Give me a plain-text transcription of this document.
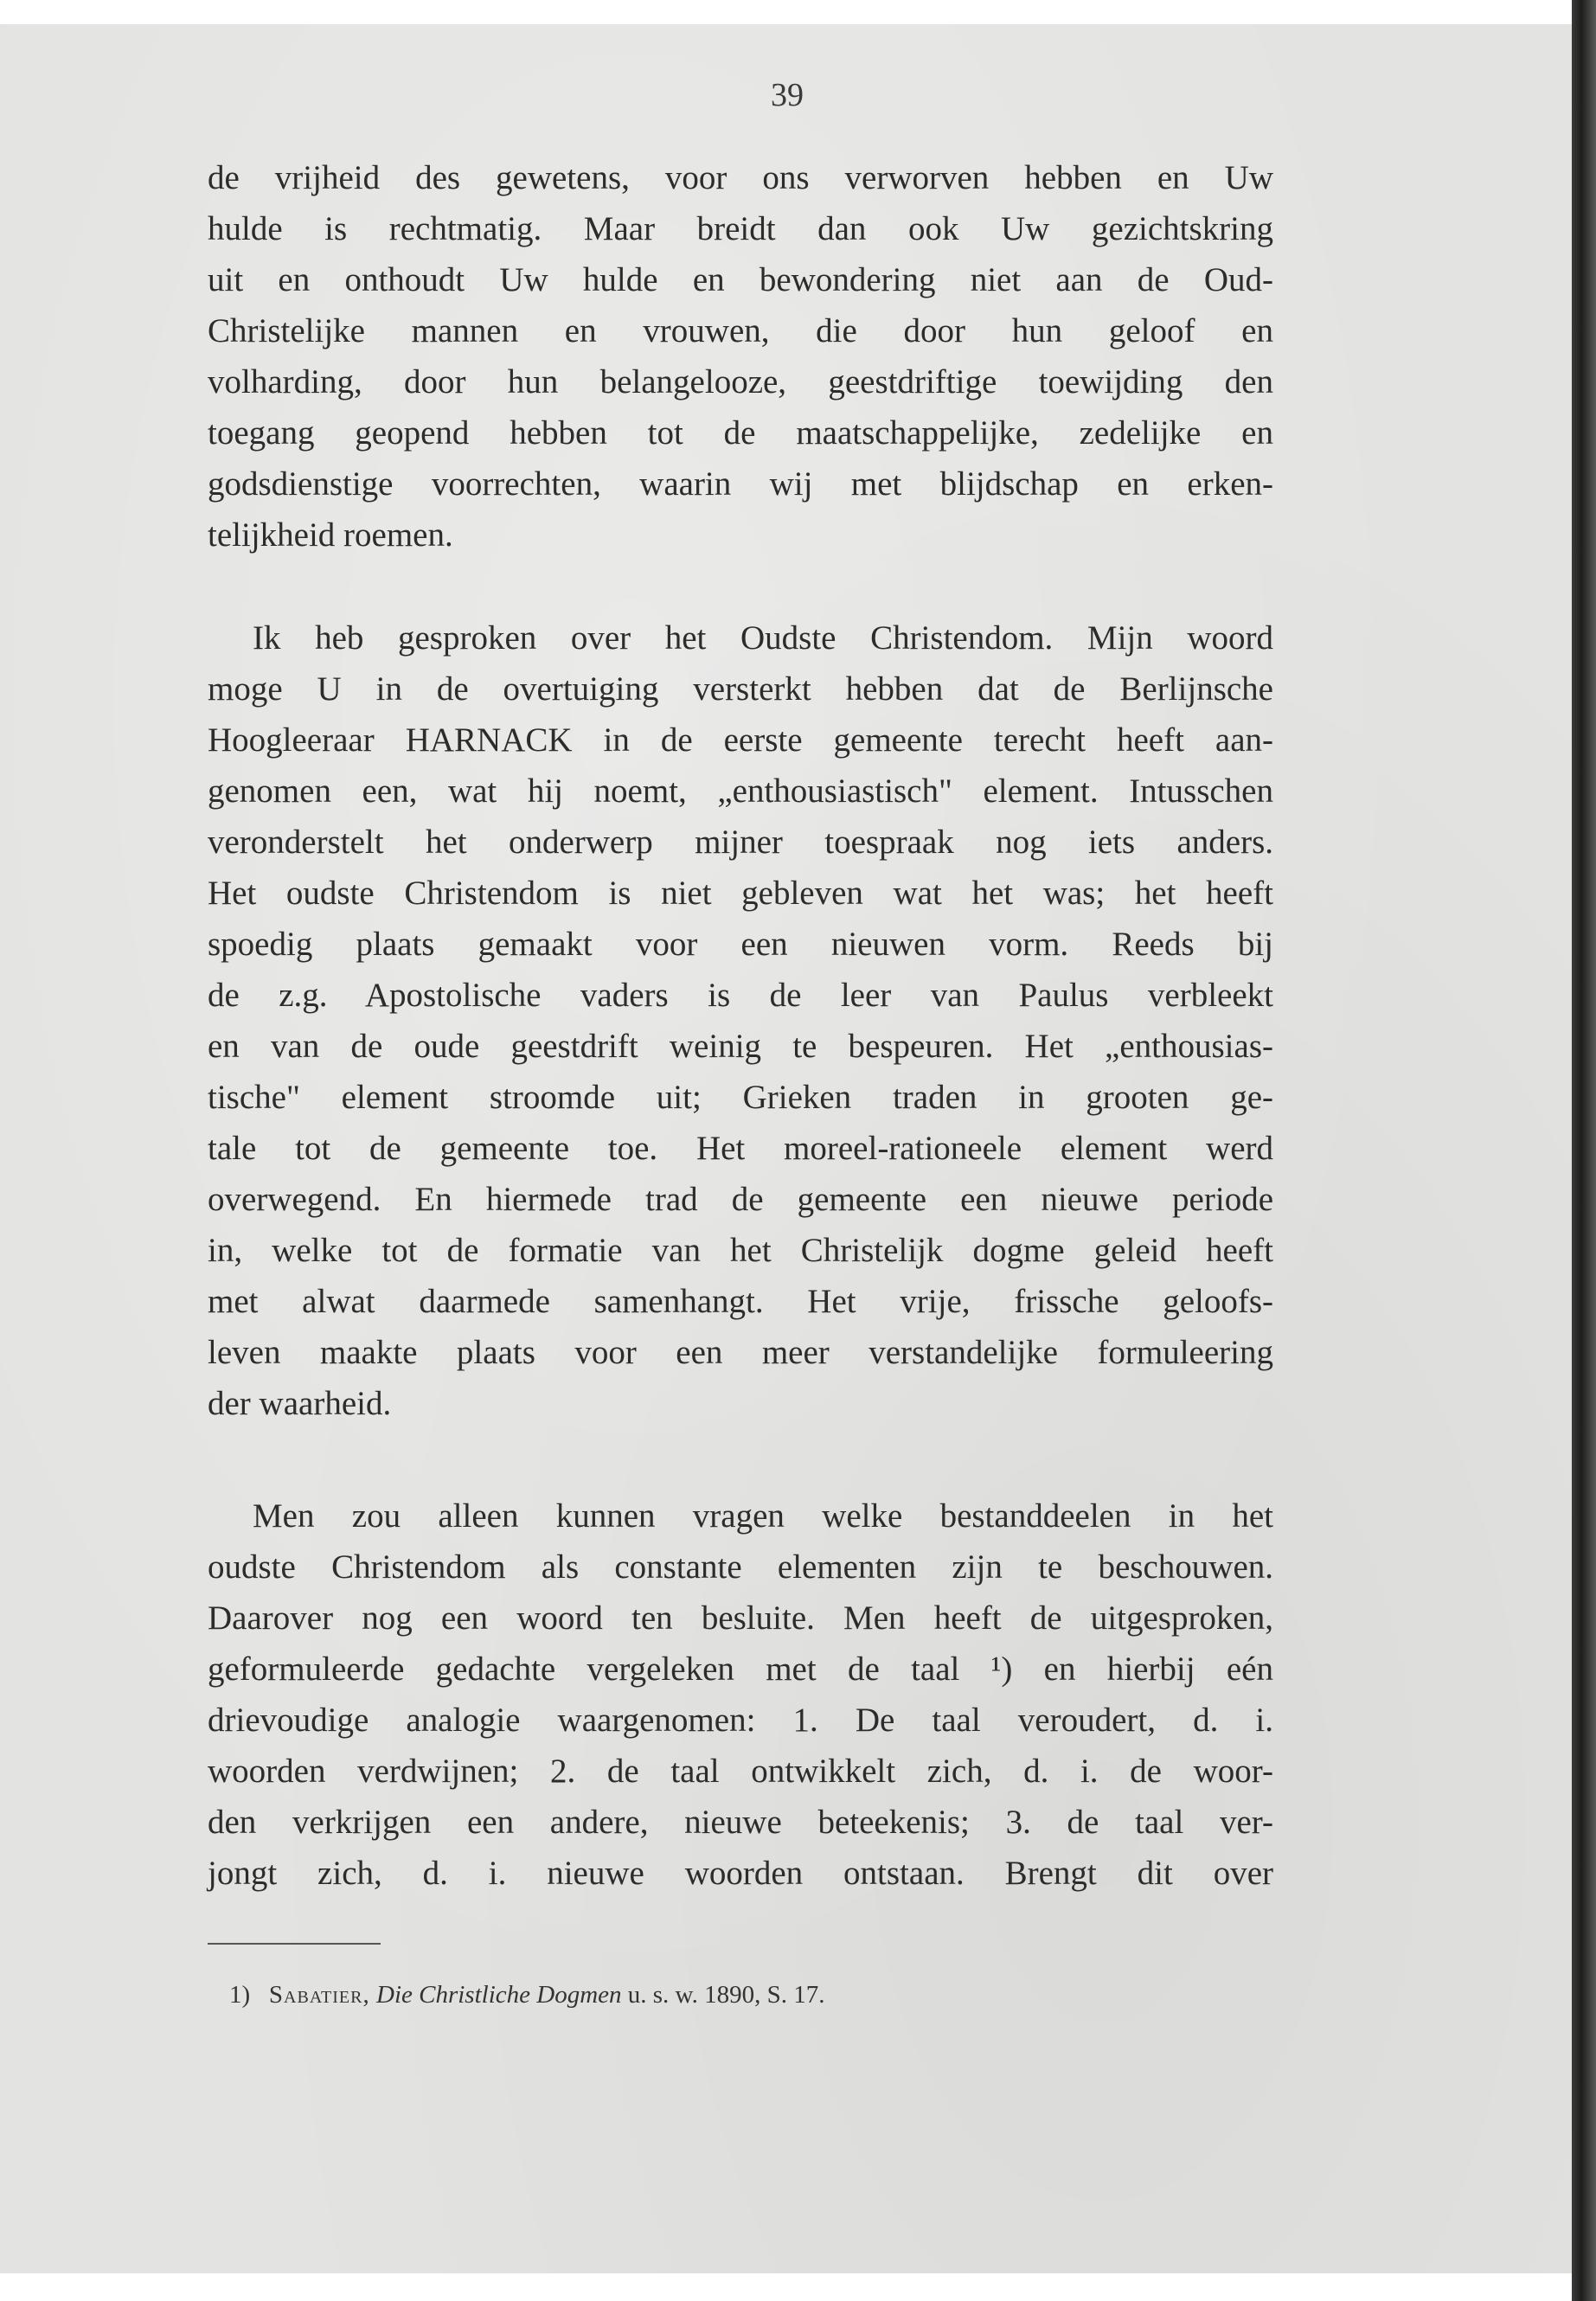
39
de vrijheid des gewetens, voor ons verworven hebben en Uw
hulde is rechtmatig. Maar breidt dan ook Uw gezichtskring
uit en onthoudt Uw hulde en bewondering niet aan de Oud-
Christelijke mannen en vrouwen, die door hun geloof en
volharding, door hun belangelooze, geestdriftige toewijding den
toegang geopend hebben tot de maatschappelijke, zedelijke en
godsdienstige voorrechten, waarin wij met blijdschap en erken-
telijkheid roemen.
Ik heb gesproken over het Oudste Christendom. Mijn woord
moge U in de overtuiging versterkt hebben dat de Berlijnsche
Hoogleeraar HARNACK in de eerste gemeente terecht heeft aan-
genomen een, wat hij noemt, „enthousiastisch" element. Intusschen
veronderstelt het onderwerp mijner toespraak nog iets anders.
Het oudste Christendom is niet gebleven wat het was; het heeft
spoedig plaats gemaakt voor een nieuwen vorm. Reeds bij
de z.g. Apostolische vaders is de leer van Paulus verbleekt
en van de oude geestdrift weinig te bespeuren. Het „enthousias-
tische" element stroomde uit; Grieken traden in grooten ge-
tale tot de gemeente toe. Het moreel-rationeele element werd
overwegend. En hiermede trad de gemeente een nieuwe periode
in, welke tot de formatie van het Christelijk dogme geleid heeft
met alwat daarmede samenhangt. Het vrije, frissche geloofs-
leven maakte plaats voor een meer verstandelijke formuleering
der waarheid.
Men zou alleen kunnen vragen welke bestanddeelen in het
oudste Christendom als constante elementen zijn te beschouwen.
Daarover nog een woord ten besluite. Men heeft de uitgesproken,
geformuleerde gedachte vergeleken met de taal ¹) en hierbij eén
drievoudige analogie waargenomen: 1. De taal veroudert, d. i.
woorden verdwijnen; 2. de taal ontwikkelt zich, d. i. de woor-
den verkrijgen een andere, nieuwe beteekenis; 3. de taal ver-
jongt zich, d. i. nieuwe woorden ontstaan. Brengt dit over
1) Sabatier, Die Christliche Dogmen u. s. w. 1890, S. 17.
